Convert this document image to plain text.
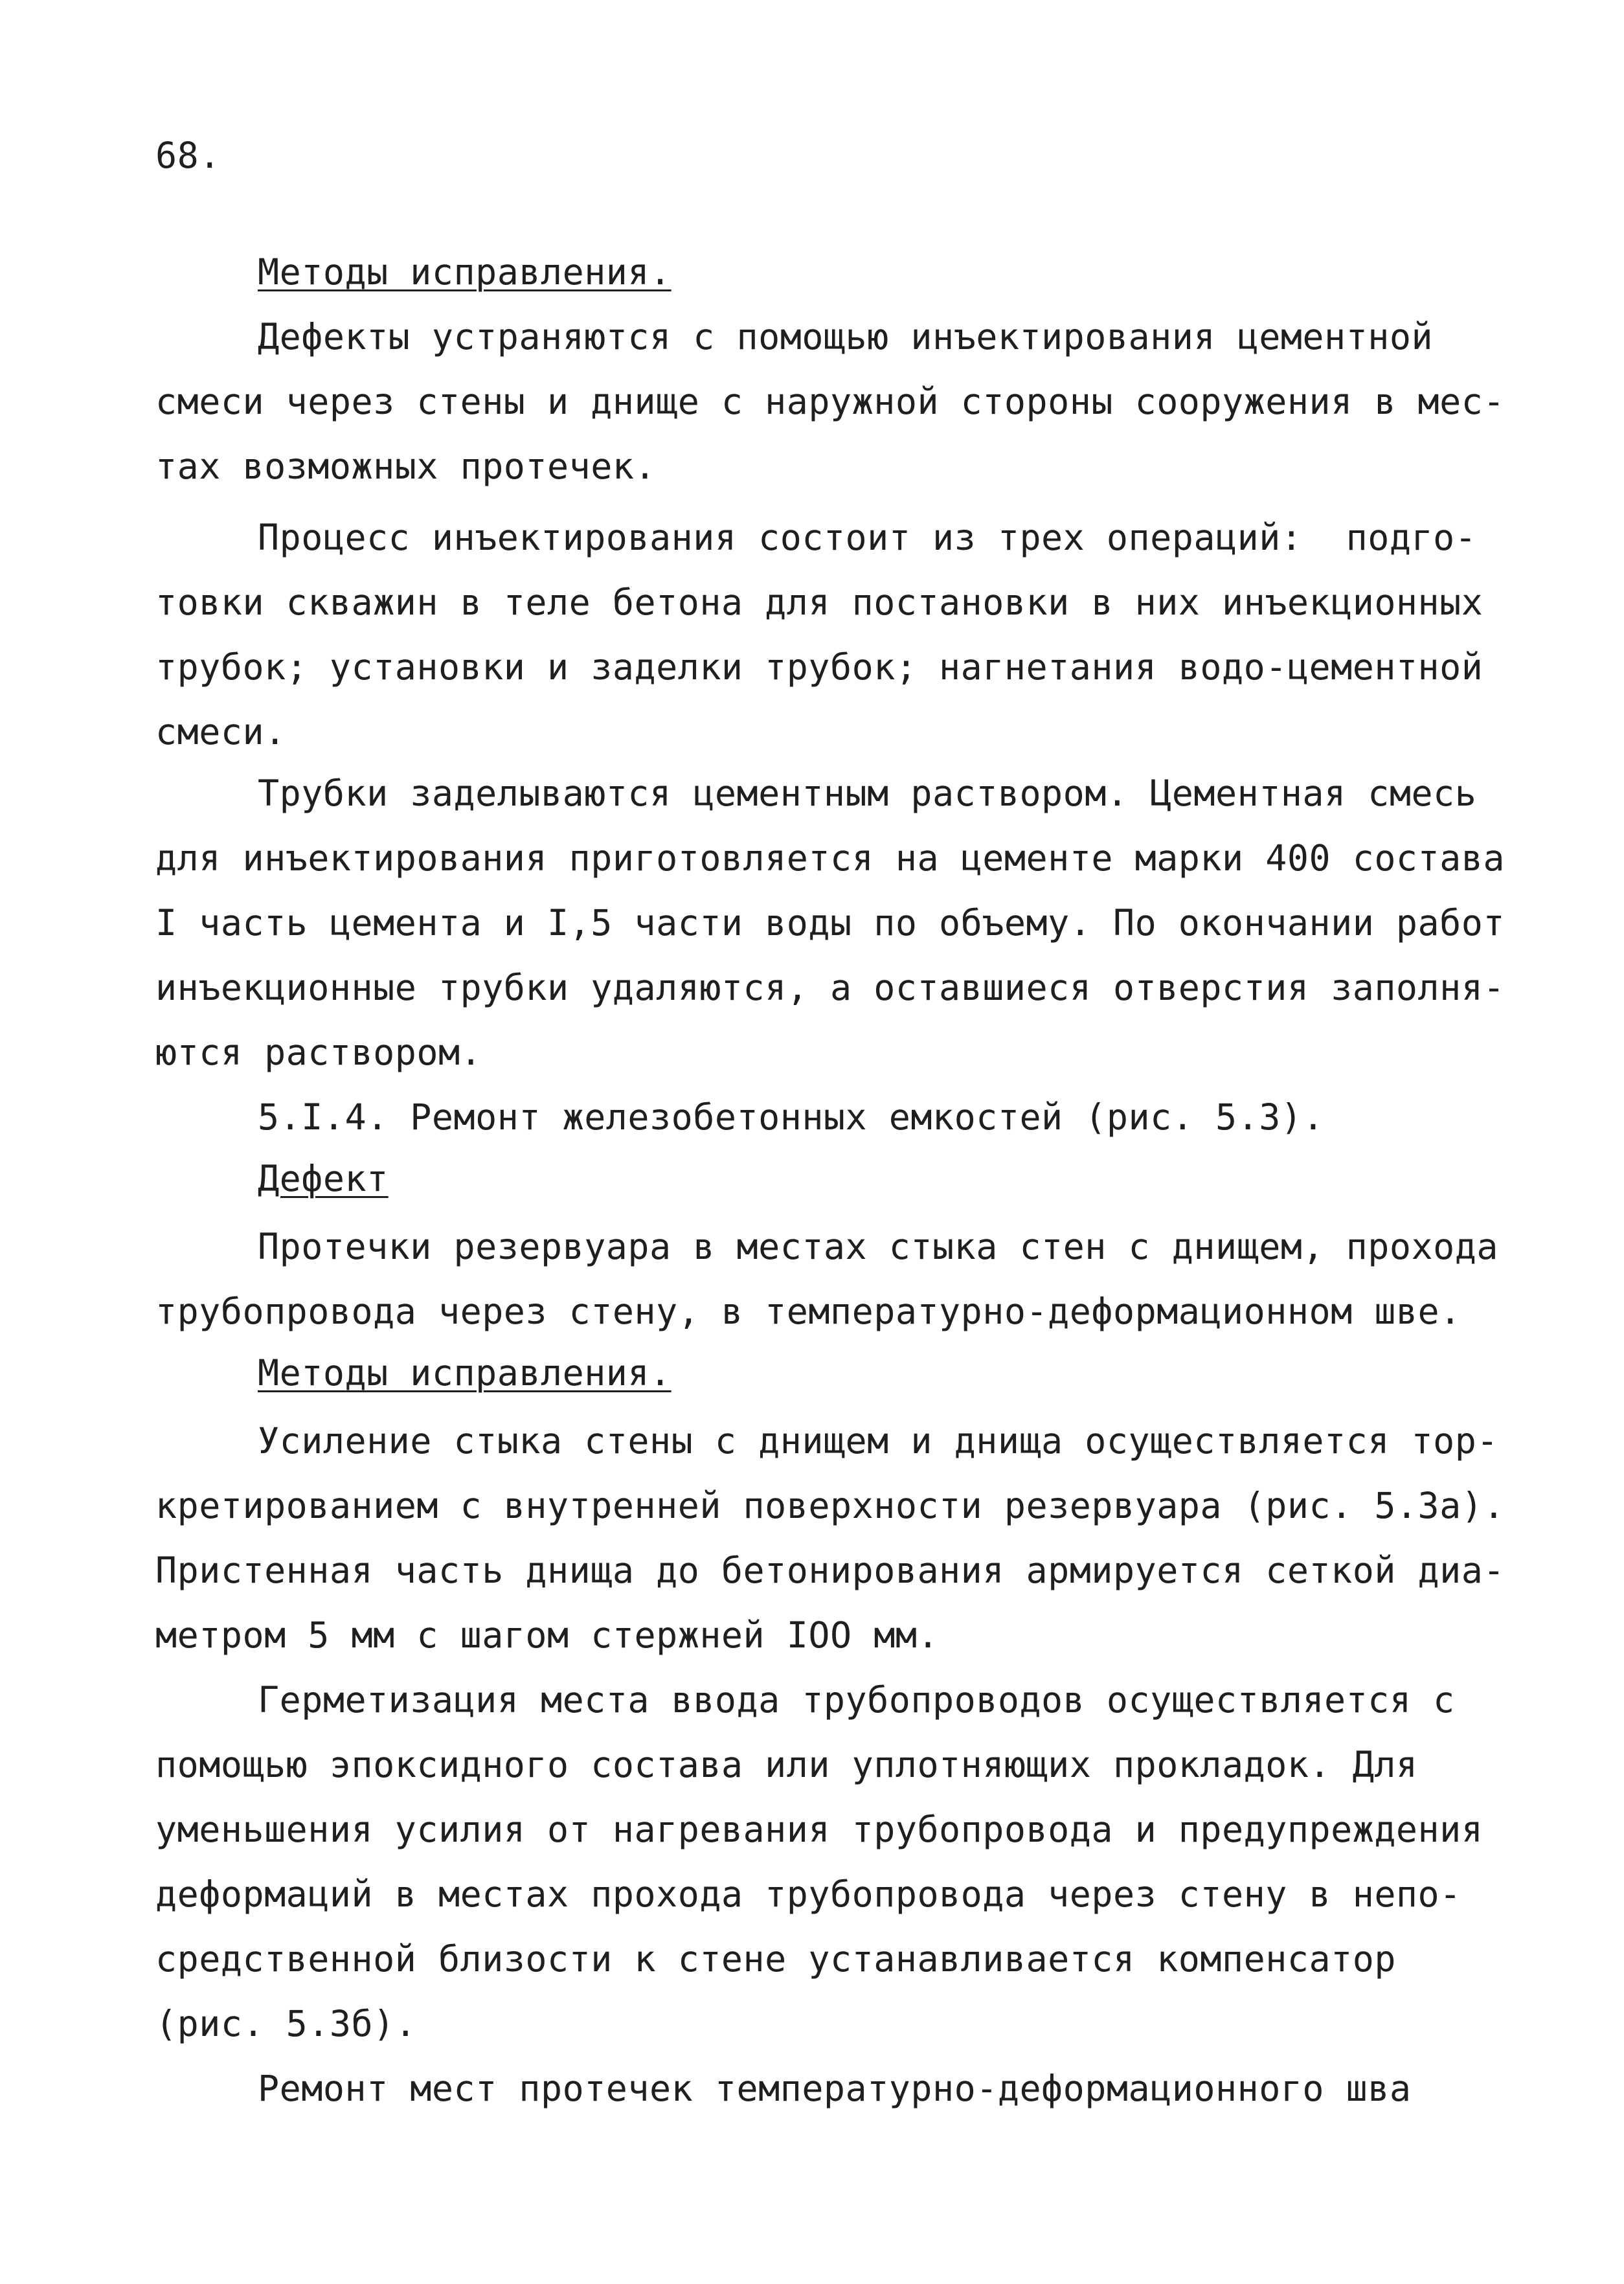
68.
Методы исправления.
Дефекты устраняются с помощью инъектирования цементной
смеси через стены и днище с наружной стороны сооружения в мес-
тах возможных протечек.
Процесс инъектирования состоит из трех операций:  подго-
товки скважин в теле бетона для постановки в них инъекционных
трубок; установки и заделки трубок; нагнетания водо-цементной
смеси.
Трубки заделываются цементным раствором. Цементная смесь
для инъектирования приготовляется на цементе марки 400 состава
I часть цемента и I,5 части воды по объему. По окончании работ
инъекционные трубки удаляются, а оставшиеся отверстия заполня-
ются раствором.
5.I.4. Ремонт железобетонных емкостей (рис. 5.3).
Дефект
Протечки резервуара в местах стыка стен с днищем, прохода
трубопровода через стену, в температурно-деформационном шве.
Методы исправления.
Усиление стыка стены с днищем и днища осуществляется тор-
кретированием с внутренней поверхности резервуара (рис. 5.3а).
Пристенная часть днища до бетонирования армируется сеткой диа-
метром 5 мм с шагом стержней IOO мм.
Герметизация места ввода трубопроводов осуществляется с
помощью эпоксидного состава или уплотняющих прокладок. Для
уменьшения усилия от нагревания трубопровода и предупреждения
деформаций в местах прохода трубопровода через стену в непо-
средственной близости к стене устанавливается компенсатор
(рис. 5.3б).
Ремонт мест протечек температурно-деформационного шва
